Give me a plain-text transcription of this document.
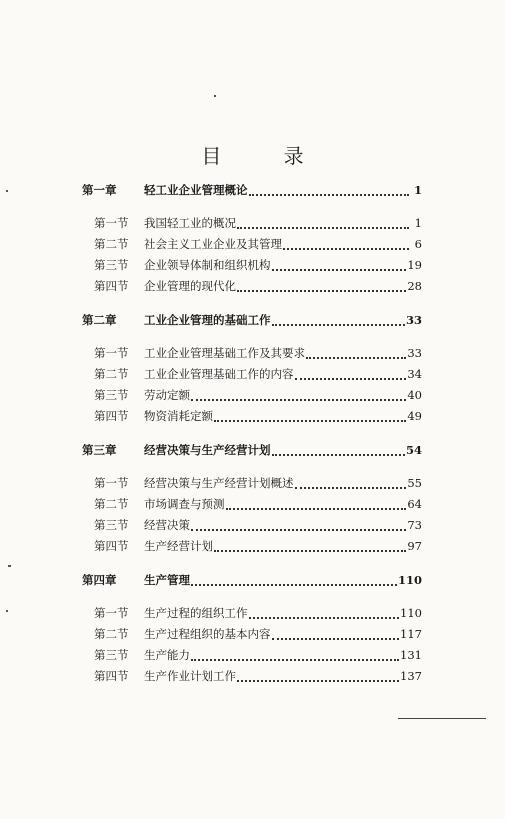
目 录
第一章	轻工业企业管理概论	1
第一节	我国轻工业的概况	1
第二节	社会主义工业企业及其管理	6
第三节	企业领导体制和组织机构	19
第四节	企业管理的现代化	28
第二章	工业企业管理的基础工作	33
第一节	工业企业管理基础工作及其要求	33
第二节	工业企业管理基础工作的内容	34
第三节	劳动定额	40
第四节	物资消耗定额	49
第三章	经营决策与生产经营计划	54
第一节	经营决策与生产经营计划概述	55
第二节	市场调查与预测	64
第三节	经营决策	73
第四节	生产经营计划	97
第四章	生产管理	110
第一节	生产过程的组织工作	110
第二节	生产过程组织的基本内容	117
第三节	生产能力	131
第四节	生产作业计划工作	137
